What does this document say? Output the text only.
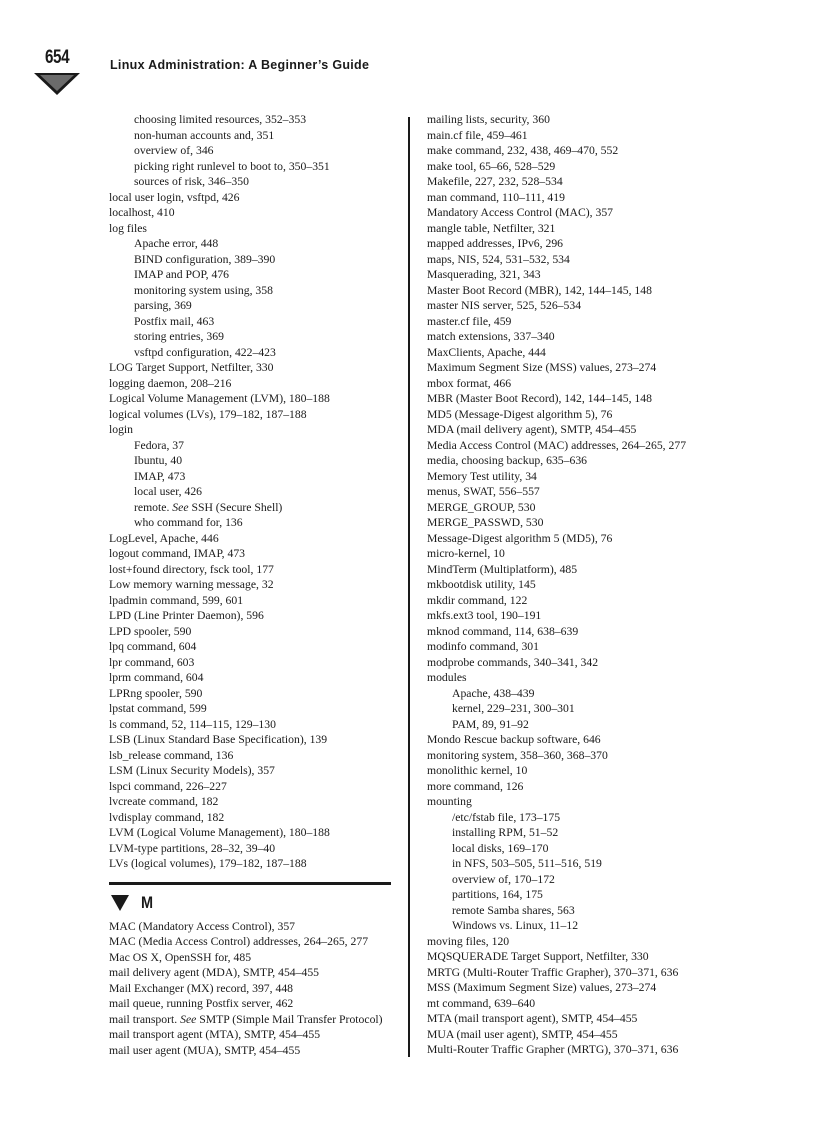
654	Linux Administration: A Beginner’s Guide
choosing limited resources, 352–353
non-human accounts and, 351
overview of, 346
picking right runlevel to boot to, 350–351
sources of risk, 346–350
local user login, vsftpd, 426
localhost, 410
log files
Apache error, 448
BIND configuration, 389–390
IMAP and POP, 476
monitoring system using, 358
parsing, 369
Postfix mail, 463
storing entries, 369
vsftpd configuration, 422–423
LOG Target Support, Netfilter, 330
logging daemon, 208–216
Logical Volume Management (LVM), 180–188
logical volumes (LVs), 179–182, 187–188
login
Fedora, 37
Ibuntu, 40
IMAP, 473
local user, 426
remote. See SSH (Secure Shell)
who command for, 136
LogLevel, Apache, 446
logout command, IMAP, 473
lost+found directory, fsck tool, 177
Low memory warning message, 32
lpadmin command, 599, 601
LPD (Line Printer Daemon), 596
LPD spooler, 590
lpq command, 604
lpr command, 603
lprm command, 604
LPRng spooler, 590
lpstat command, 599
ls command, 52, 114–115, 129–130
LSB (Linux Standard Base Specification), 139
lsb_release command, 136
LSM (Linux Security Models), 357
lspci command, 226–227
lvcreate command, 182
lvdisplay command, 182
LVM (Logical Volume Management), 180–188
LVM-type partitions, 28–32, 39–40
LVs (logical volumes), 179–182, 187–188
M
MAC (Mandatory Access Control), 357
MAC (Media Access Control) addresses, 264–265, 277
Mac OS X, OpenSSH for, 485
mail delivery agent (MDA), SMTP, 454–455
Mail Exchanger (MX) record, 397, 448
mail queue, running Postfix server, 462
mail transport. See SMTP (Simple Mail Transfer Protocol)
mail transport agent (MTA), SMTP, 454–455
mail user agent (MUA), SMTP, 454–455
mailing lists, security, 360
main.cf file, 459–461
make command, 232, 438, 469–470, 552
make tool, 65–66, 528–529
Makefile, 227, 232, 528–534
man command, 110–111, 419
Mandatory Access Control (MAC), 357
mangle table, Netfilter, 321
mapped addresses, IPv6, 296
maps, NIS, 524, 531–532, 534
Masquerading, 321, 343
Master Boot Record (MBR), 142, 144–145, 148
master NIS server, 525, 526–534
master.cf file, 459
match extensions, 337–340
MaxClients, Apache, 444
Maximum Segment Size (MSS) values, 273–274
mbox format, 466
MBR (Master Boot Record), 142, 144–145, 148
MD5 (Message-Digest algorithm 5), 76
MDA (mail delivery agent), SMTP, 454–455
Media Access Control (MAC) addresses, 264–265, 277
media, choosing backup, 635–636
Memory Test utility, 34
menus, SWAT, 556–557
MERGE_GROUP, 530
MERGE_PASSWD, 530
Message-Digest algorithm 5 (MD5), 76
micro-kernel, 10
MindTerm (Multiplatform), 485
mkbootdisk utility, 145
mkdir command, 122
mkfs.ext3 tool, 190–191
mknod command, 114, 638–639
modinfo command, 301
modprobe commands, 340–341, 342
modules
Apache, 438–439
kernel, 229–231, 300–301
PAM, 89, 91–92
Mondo Rescue backup software, 646
monitoring system, 358–360, 368–370
monolithic kernel, 10
more command, 126
mounting
/etc/fstab file, 173–175
installing RPM, 51–52
local disks, 169–170
in NFS, 503–505, 511–516, 519
overview of, 170–172
partitions, 164, 175
remote Samba shares, 563
Windows vs. Linux, 11–12
moving files, 120
MQSQUERADE Target Support, Netfilter, 330
MRTG (Multi-Router Traffic Grapher), 370–371, 636
MSS (Maximum Segment Size) values, 273–274
mt command, 639–640
MTA (mail transport agent), SMTP, 454–455
MUA (mail user agent), SMTP, 454–455
Multi-Router Traffic Grapher (MRTG), 370–371, 636
